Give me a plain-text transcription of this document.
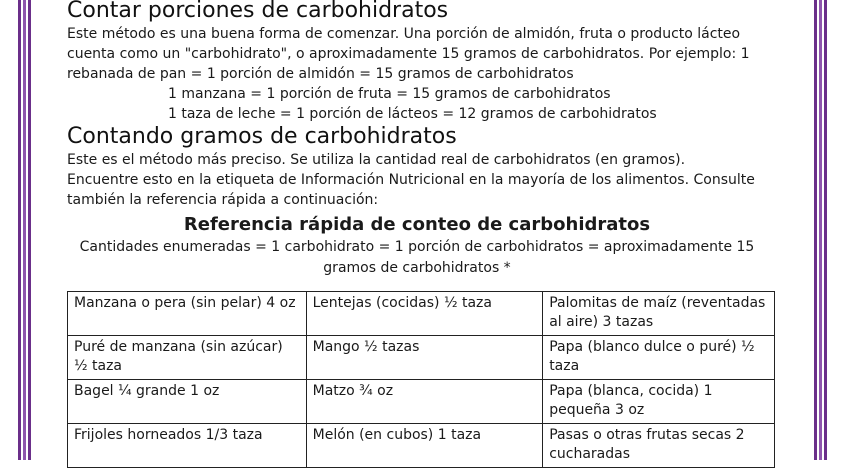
Contar porciones de carbohidratos

Este método es una buena forma de comenzar. Una porción de almidón, fruta o producto lácteo cuenta como un "carbohidrato", o aproximadamente 15 gramos de carbohidratos. Por ejemplo: 1 rebanada de pan = 1 porción de almidón = 15 gramos de carbohidratos

1 manzana = 1 porción de fruta = 15 gramos de carbohidratos

1 taza de leche = 1 porción de lácteos = 12 gramos de carbohidratos

Contando gramos de carbohidratos

Este es el método más preciso. Se utiliza la cantidad real de carbohidratos (en gramos). Encuentre esto en la etiqueta de Información Nutricional en la mayoría de los alimentos. Consulte también la referencia rápida a continuación:

Referencia rápida de conteo de carbohidratos
Cantidades enumeradas = 1 carbohidrato = 1 porción de carbohidratos = aproximadamente 15 gramos de carbohidratos *
Manzana o pera (sin pelar) 4 oz	Lentejas (cocidas) ½ taza	Palomitas de maíz (reventadas al aire) 3 tazas
Puré de manzana (sin azúcar) ½ taza	Mango ½ tazas	Papa (blanco dulce o puré) ½ taza
Bagel ¼ grande 1 oz	Matzo ¾ oz	Papa (blanca, cocida) 1 pequeña 3 oz
Frijoles horneados 1/3 taza	Melón (en cubos) 1 taza	Pasas o otras frutas secas 2 cucharadas
